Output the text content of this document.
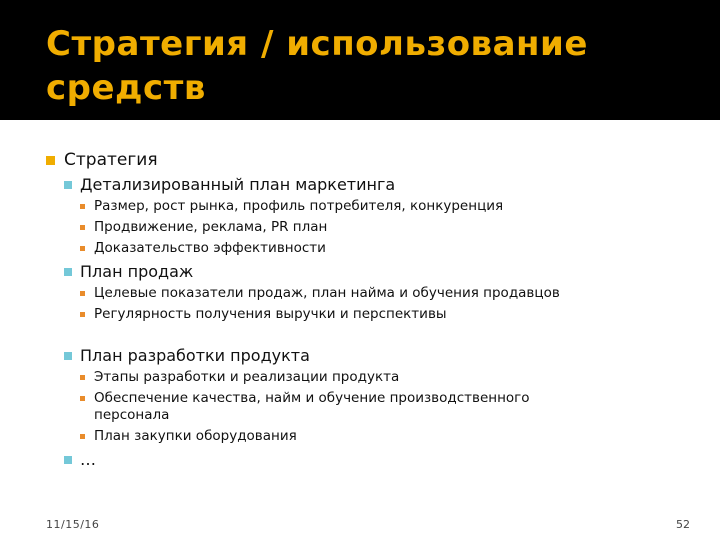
Стратегия / использование средств
Стратегия
Детализированный план маркетинга
Размер, рост рынка, профиль потребителя, конкуренция
Продвижение, реклама, PR план
Доказательство эффективности
План продаж
Целевые показатели продаж, план найма и обучения продавцов
Регулярность получения выручки и перспективы
План разработки продукта
Этапы разработки и реализации продукта
Обеспечение качества, найм и обучение производственного персонала
План закупки оборудования
…
11/15/16	52
